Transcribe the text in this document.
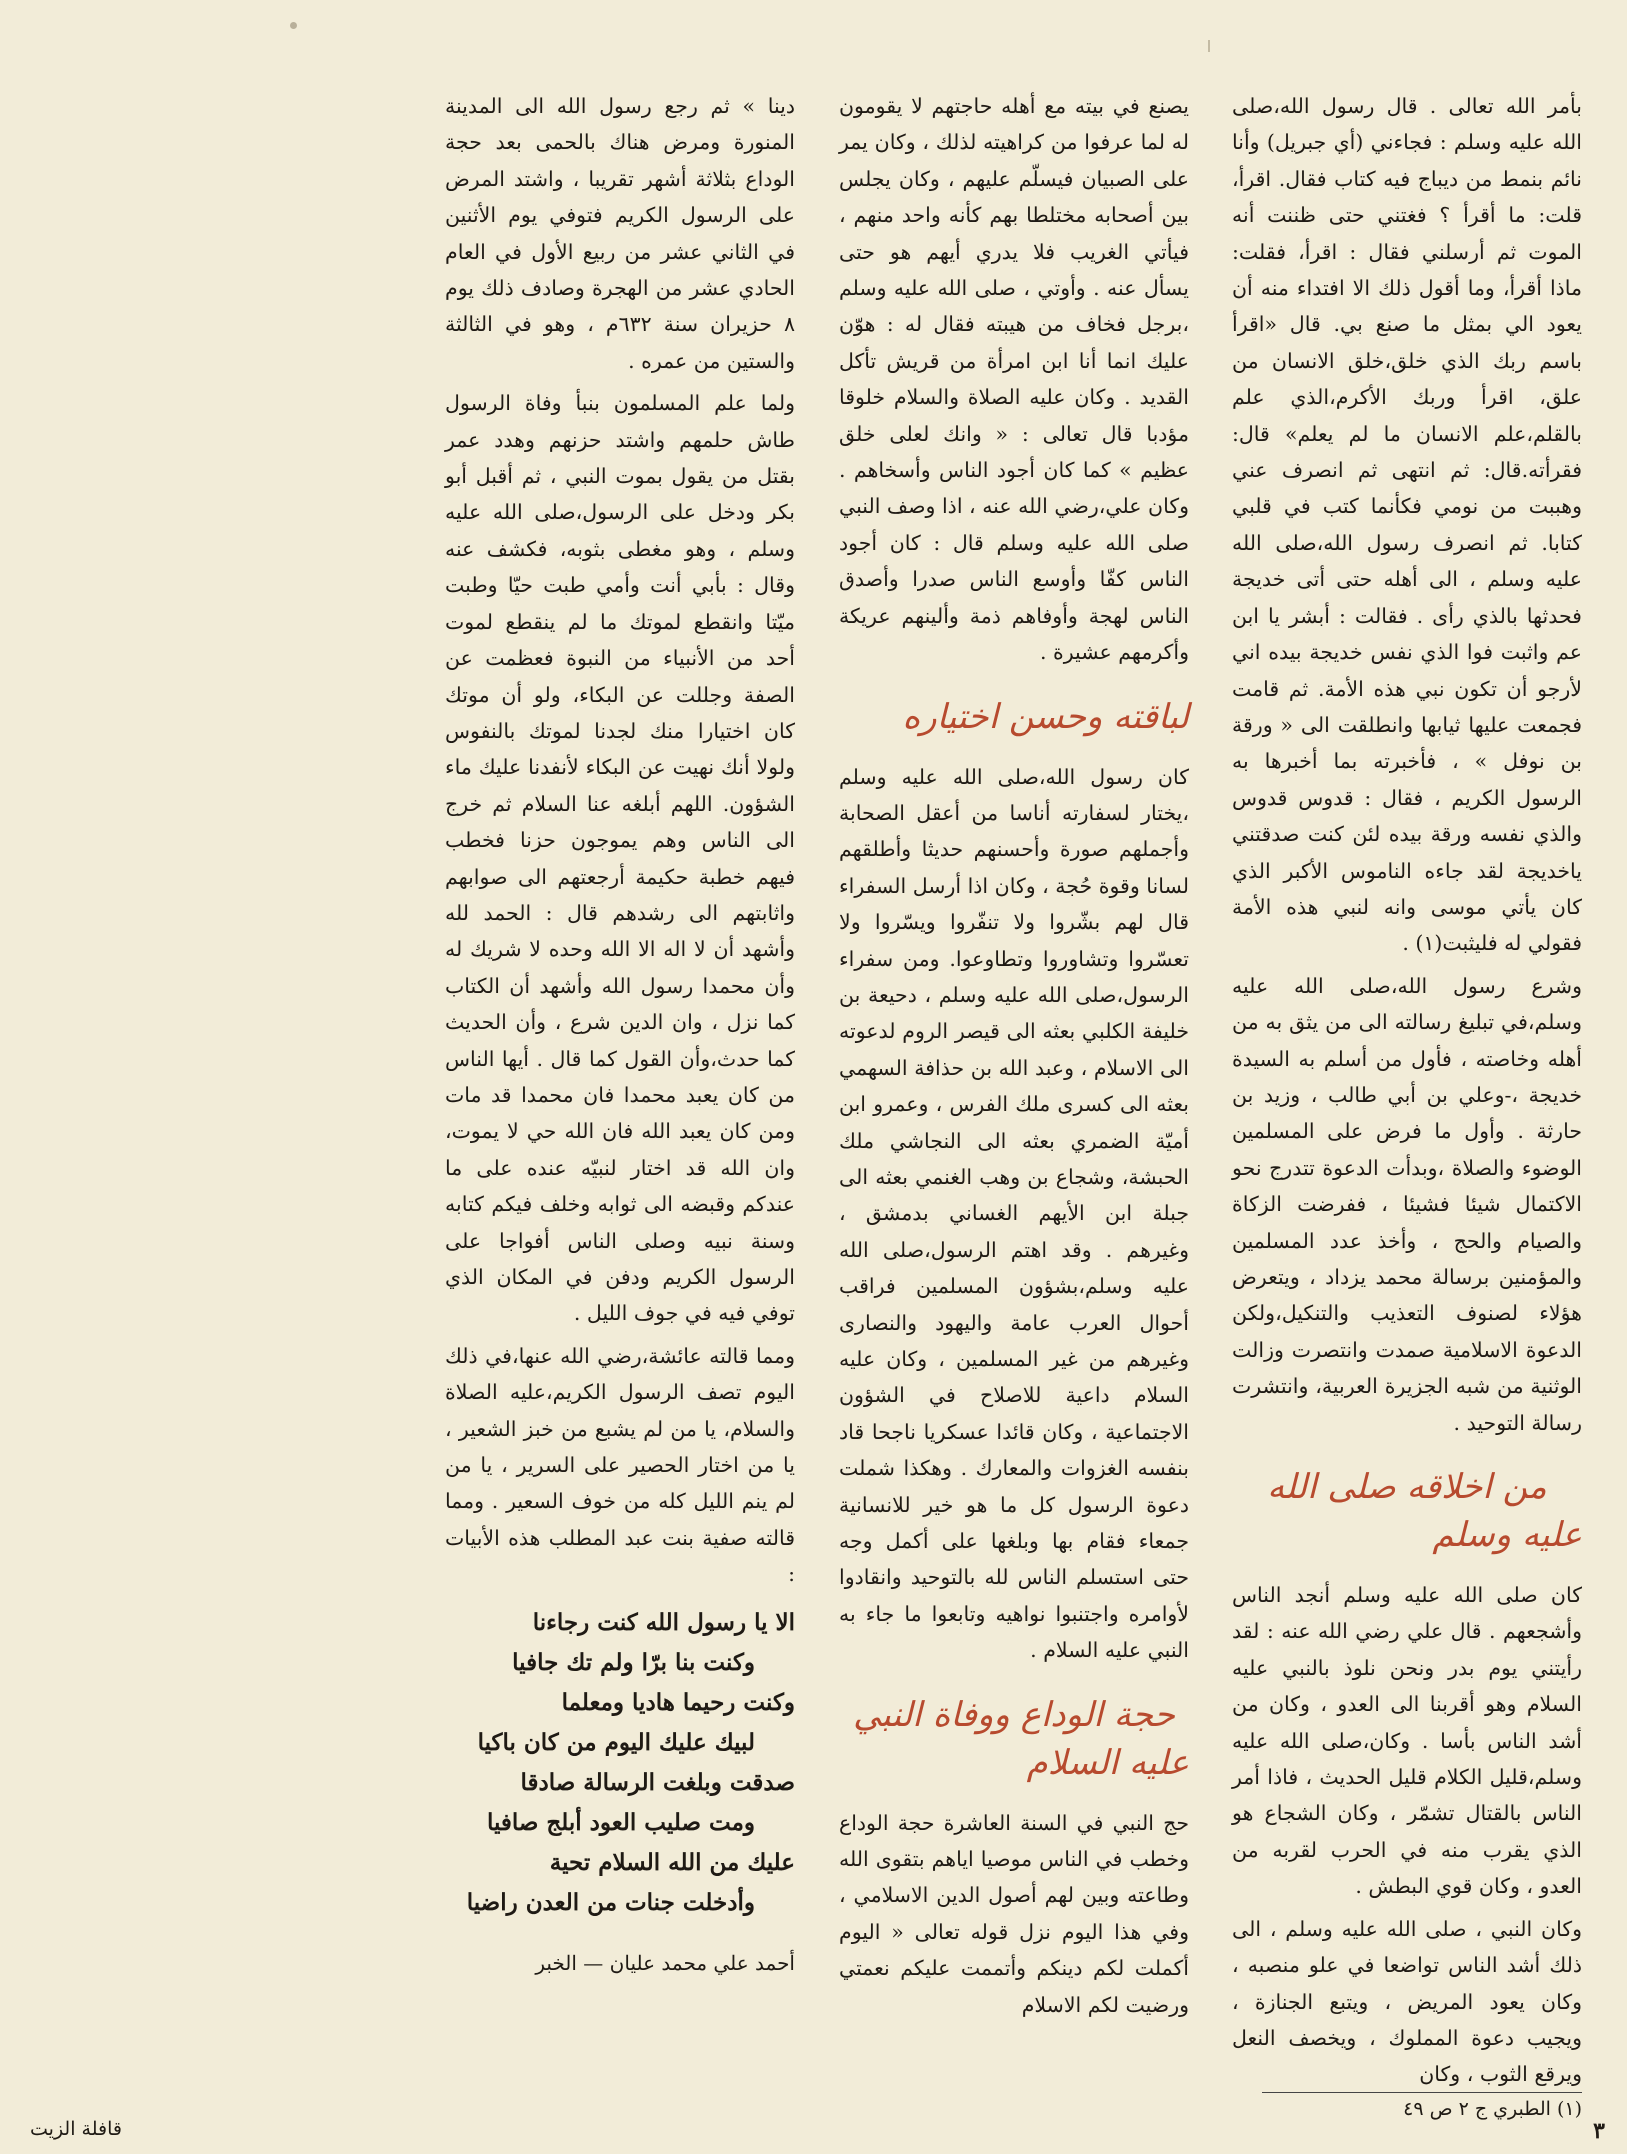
بأمر الله تعالى . قال رسول الله،صلى الله عليه وسلم : فجاءني (أي جبريل) وأنا نائم بنمط من ديباج فيه كتاب فقال. اقرأ، قلت: ما أقرأ ؟ فغتني حتى ظننت أنه الموت ثم أرسلني فقال : اقرأ، فقلت: ماذا أقرأ، وما أقول ذلك الا افتداء منه أن يعود الي بمثل ما صنع بي. قال «اقرأ باسم ربك الذي خلق،خلق الانسان من علق، اقرأ وربك الأكرم،الذي علم بالقلم،علم الانسان ما لم يعلم» قال: فقرأته.قال: ثم انتهى ثم انصرف عني وهببت من نومي فكأنما كتب في قلبي كتابا. ثم انصرف رسول الله،صلى الله عليه وسلم ، الى أهله حتى أتى خديجة فحدثها بالذي رأى . فقالت : أبشر يا ابن عم واثبت فوا الذي نفس خديجة بيده اني لأرجو أن تكون نبي هذه الأمة. ثم قامت فجمعت عليها ثيابها وانطلقت الى « ورقة بن نوفل » ، فأخبرته بما أخبرها به الرسول الكريم ، فقال : قدوس قدوس والذي نفسه ورقة بيده لئن كنت صدقتني ياخديجة لقد جاءه الناموس الأكبر الذي كان يأتي موسى وانه لنبي هذه الأمة فقولي له فليثبت(١) .

وشرع رسول الله،صلى الله عليه وسلم،في تبليغ رسالته الى من يثق به من أهله وخاصته ، فأول من أسلم به السيدة خديجة ،-وعلي بن أبي طالب ، وزيد بن حارثة . وأول ما فرض على المسلمين الوضوء والصلاة ،وبدأت الدعوة تتدرج نحو الاكتمال شيئا فشيئا ، ففرضت الزكاة والصيام والحج ، وأخذ عدد المسلمين والمؤمنين برسالة محمد يزداد ، ويتعرض هؤلاء لصنوف التعذيب والتنكيل،ولكن الدعوة الاسلامية صمدت وانتصرت وزالت الوثنية من شبه الجزيرة العربية، وانتشرت رسالة التوحيد .

من اخلاقه صلى الله عليه وسلم

كان صلى الله عليه وسلم أنجد الناس وأشجعهم . قال علي رضي الله عنه : لقد رأيتني يوم بدر ونحن نلوذ بالنبي عليه السلام وهو أقربنا الى العدو ، وكان من أشد الناس بأسا . وكان،صلى الله عليه وسلم،قليل الكلام قليل الحديث ، فاذا أمر الناس بالقتال تشمّر ، وكان الشجاع هو الذي يقرب منه في الحرب لقربه من العدو ، وكان قوي البطش .

وكان النبي ، صلى الله عليه وسلم ، الى ذلك أشد الناس تواضعا في علو منصبه ، وكان يعود المريض ، ويتبع الجنازة ، ويجيب دعوة المملوك ، ويخصف النعل ويرقع الثوب ، وكان

يصنع في بيته مع أهله حاجتهم لا يقومون له لما عرفوا من كراهيته لذلك ، وكان يمر على الصبيان فيسلّم عليهم ، وكان يجلس بين أصحابه مختلطا بهم كأنه واحد منهم ، فيأتي الغريب فلا يدري أيهم هو حتى يسأل عنه . وأوتي ، صلى الله عليه وسلم ،برجل فخاف من هيبته فقال له : هوّن عليك انما أنا ابن امرأة من قريش تأكل القديد . وكان عليه الصلاة والسلام خلوقا مؤدبا قال تعالى : « وانك لعلى خلق عظيم » كما كان أجود الناس وأسخاهم . وكان علي،رضي الله عنه ، اذا وصف النبي صلى الله عليه وسلم قال : كان أجود الناس كفّا وأوسع الناس صدرا وأصدق الناس لهجة وأوفاهم ذمة وألينهم عريكة وأكرمهم عشيرة .

لباقته وحسن اختياره

كان رسول الله،صلى الله عليه وسلم ،يختار لسفارته أناسا من أعقل الصحابة وأجملهم صورة وأحسنهم حديثا وأطلقهم لسانا وقوة حُجة ، وكان اذا أرسل السفراء قال لهم بشّروا ولا تنفّروا ويسّروا ولا تعسّروا وتشاوروا وتطاوعوا. ومن سفراء الرسول،صلى الله عليه وسلم ، دحيعة بن خليفة الكلبي بعثه الى قيصر الروم لدعوته الى الاسلام ، وعبد الله بن حذافة السهمي بعثه الى كسرى ملك الفرس ، وعمرو ابن أميّة الضمري بعثه الى النجاشي ملك الحبشة، وشجاع بن وهب الغنمي بعثه الى جبلة ابن الأيهم الغساني بدمشق ، وغيرهم . وقد اهتم الرسول،صلى الله عليه وسلم،بشؤون المسلمين فراقب أحوال العرب عامة واليهود والنصارى وغيرهم من غير المسلمين ، وكان عليه السلام داعية للاصلاح في الشؤون الاجتماعية ، وكان قائدا عسكريا ناجحا قاد بنفسه الغزوات والمعارك . وهكذا شملت دعوة الرسول كل ما هو خير للانسانية جمعاء فقام بها وبلغها على أكمل وجه حتى استسلم الناس لله بالتوحيد وانقادوا لأوامره واجتنبوا نواهيه وتابعوا ما جاء به النبي عليه السلام .

حجة الوداع ووفاة النبي عليه السلام

حج النبي في السنة العاشرة حجة الوداع وخطب في الناس موصيا اياهم بتقوى الله وطاعته وبين لهم أصول الدين الاسلامي ، وفي هذا اليوم نزل قوله تعالى « اليوم أكملت لكم دينكم وأتممت عليكم نعمتي ورضيت لكم الاسلام

دينا » ثم رجع رسول الله الى المدينة المنورة ومرض هناك بالحمى بعد حجة الوداع بثلاثة أشهر تقريبا ، واشتد المرض على الرسول الكريم فتوفي يوم الأثنين في الثاني عشر من ربيع الأول في العام الحادي عشر من الهجرة وصادف ذلك يوم ٨ حزيران سنة ٦٣٢م ، وهو في الثالثة والستين من عمره .

ولما علم المسلمون بنبأ وفاة الرسول طاش حلمهم واشتد حزنهم وهدد عمر بقتل من يقول بموت النبي ، ثم أقبل أبو بكر ودخل على الرسول،صلى الله عليه وسلم ، وهو مغطى بثوبه، فكشف عنه وقال : بأبي أنت وأمي طبت حيّا وطبت ميّتا وانقطع لموتك ما لم ينقطع لموت أحد من الأنبياء من النبوة فعظمت عن الصفة وجللت عن البكاء، ولو أن موتك كان اختيارا منك لجدنا لموتك بالنفوس ولولا أنك نهيت عن البكاء لأنفدنا عليك ماء الشؤون. اللهم أبلغه عنا السلام ثم خرج الى الناس وهم يموجون حزنا فخطب فيهم خطبة حكيمة أرجعتهم الى صوابهم واثابتهم الى رشدهم قال : الحمد لله وأشهد أن لا اله الا الله وحده لا شريك له وأن محمدا رسول الله وأشهد أن الكتاب كما نزل ، وان الدين شرع ، وأن الحديث كما حدث،وأن القول كما قال . أيها الناس من كان يعبد محمدا فان محمدا قد مات ومن كان يعبد الله فان الله حي لا يموت، وان الله قد اختار لنبيّه عنده على ما عندكم وقبضه الى ثوابه وخلف فيكم كتابه وسنة نبيه وصلى الناس أفواجا على الرسول الكريم ودفن في المكان الذي توفي فيه في جوف الليل .

ومما قالته عائشة،رضي الله عنها،في ذلك اليوم تصف الرسول الكريم،عليه الصلاة والسلام، يا من لم يشبع من خبز الشعير ، يا من اختار الحصير على السرير ، يا من لم ينم الليل كله من خوف السعير . ومما قالته صفية بنت عبد المطلب هذه الأبيات :

الا يا رسول الله كنت رجاءنا
وكنت بنا برّا ولم تك جافيا
وكنت رحيما هاديا ومعلما
لبيك عليك اليوم من كان باكيا
صدقت وبلغت الرسالة صادقا
ومت صليب العود أبلج صافيا
عليك من الله السلام تحية
وأدخلت جنات من العدن راضيا
أحمد علي محمد عليان — الخبر
(١) الطبري ج ٢ ص ٤٩
٣
قافلة الزيت
